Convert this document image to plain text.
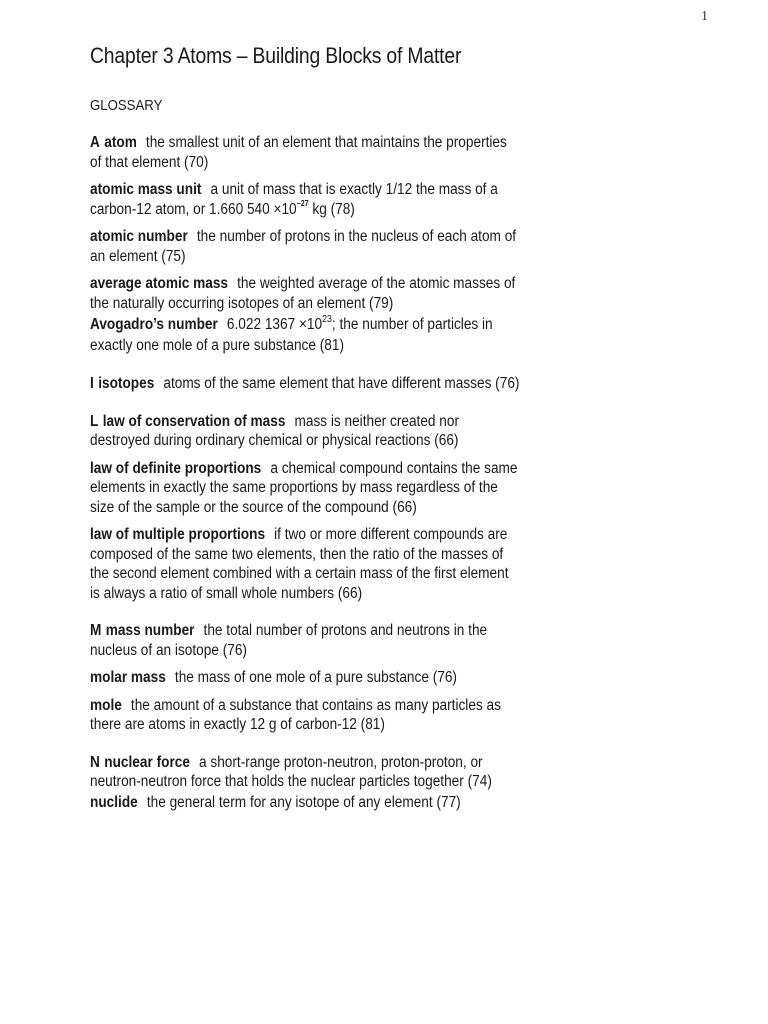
1
Chapter 3 Atoms – Building Blocks of Matter
GLOSSARY

A atom the smallest unit of an element that maintains the properties of that element (70)

atomic mass unit a unit of mass that is exactly 1/12 the mass of a carbon-12 atom, or 1.660 $540 \times 10^{-27}$ kg (78)

atomic number the number of protons in the nucleus of each atom of an element (75)

average atomic mass the weighted average of the atomic masses of the naturally occurring isotopes of an element (79)

Avogadro’s number 6.022 $1367 \times 10^{23}$; the number of particles in exactly one mole of a pure substance (81)

I isotopes atoms of the same element that have different masses (76)

L law of conservation of mass mass is neither created nor destroyed during ordinary chemical or physical reactions (66)

law of definite proportions a chemical compound contains the same elements in exactly the same proportions by mass regardless of the size of the sample or the source of the compound (66)

law of multiple proportions if two or more different compounds are composed of the same two elements, then the ratio of the masses of the second element combined with a certain mass of the first element is always a ratio of small whole numbers (66)

M mass number the total number of protons and neutrons in the nucleus of an isotope (76)

molar mass the mass of one mole of a pure substance (76)

mole the amount of a substance that contains as many particles as there are atoms in exactly 12 g of carbon-12 (81)

N nuclear force a short-range proton-neutron, proton-proton, or neutron-neutron force that holds the nuclear particles together (74)

nuclide the general term for any isotope of any element (77)
